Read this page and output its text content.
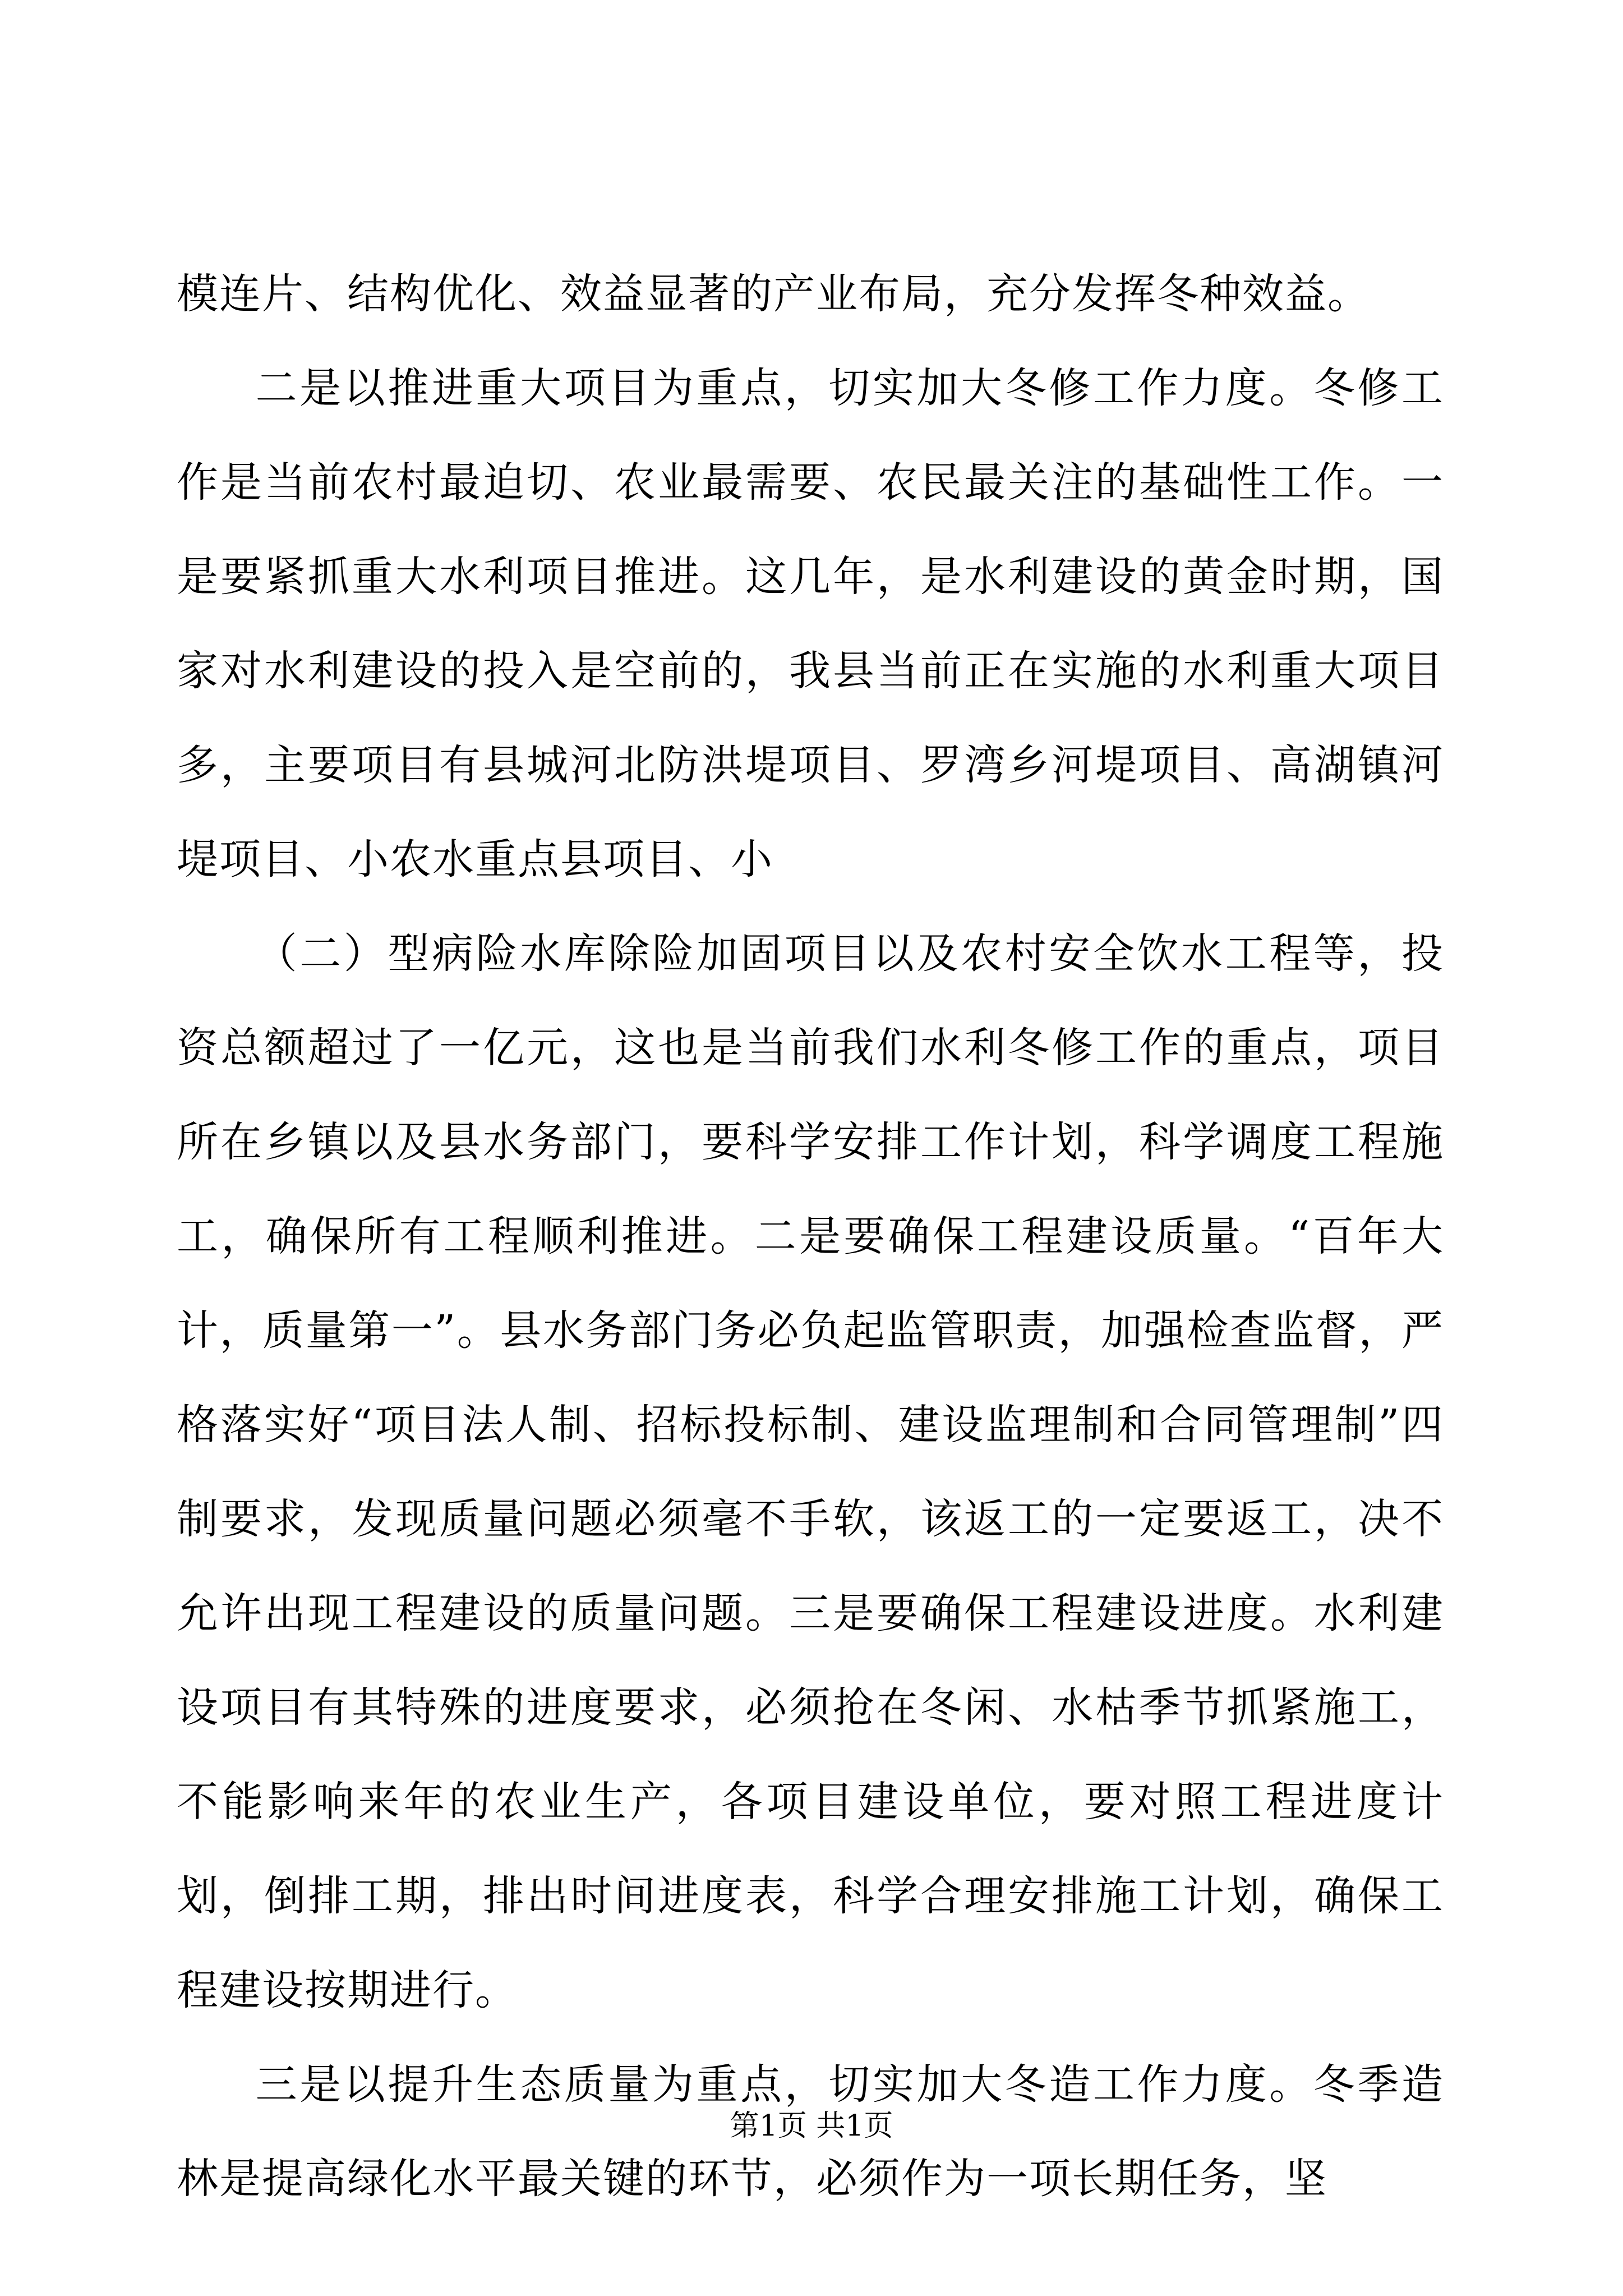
模连片、结构优化、效益显著的产业布局，充分发挥冬种效益。

二是以推进重大项目为重点，切实加大冬修工作力度。冬修工作是当前农村最迫切、农业最需要、农民最关注的基础性工作。一是要紧抓重大水利项目推进。这几年，是水利建设的黄金时期，国家对水利建设的投入是空前的，我县当前正在实施的水利重大项目多，主要项目有县城河北防洪堤项目、罗湾乡河堤项目、高湖镇河堤项目、小农水重点县项目、小

（二）型病险水库除险加固项目以及农村安全饮水工程等，投资总额超过了一亿元，这也是当前我们水利冬修工作的重点，项目所在乡镇以及县水务部门，要科学安排工作计划，科学调度工程施工，确保所有工程顺利推进。二是要确保工程建设质量。“百年大计，质量第一”。县水务部门务必负起监管职责，加强检查监督，严格落实好“项目法人制、招标投标制、建设监理制和合同管理制”四制要求，发现质量问题必须毫不手软，该返工的一定要返工，决不允许出现工程建设的质量问题。三是要确保工程建设进度。水利建设项目有其特殊的进度要求，必须抢在冬闲、水枯季节抓紧施工，不能影响来年的农业生产，各项目建设单位，要对照工程进度计划，倒排工期，排出时间进度表，科学合理安排施工计划，确保工程建设按期进行。

三是以提升生态质量为重点，切实加大冬造工作力度。冬季造林是提高绿化水平最关键的环节，必须作为一项长期任务，坚

第1页 共1页
